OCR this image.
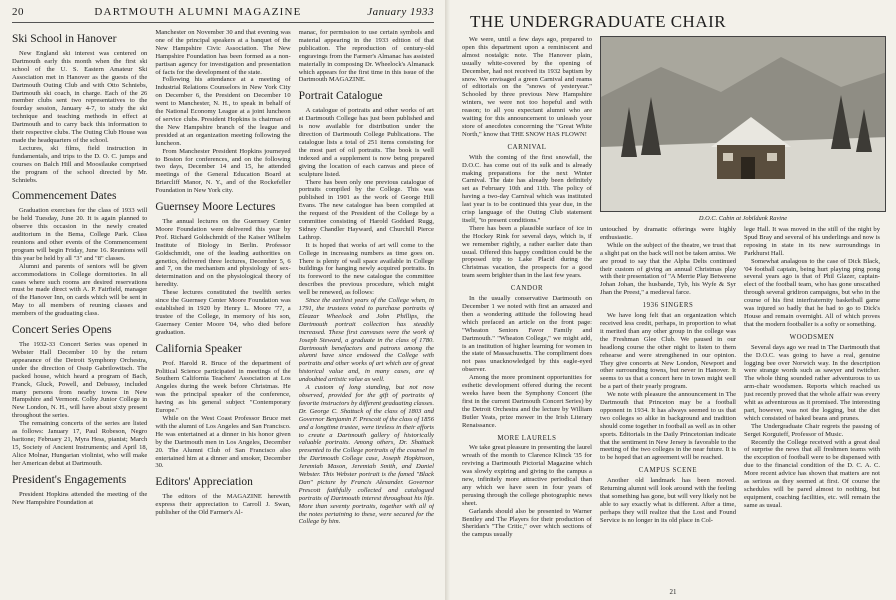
20	DARTMOUTH ALUMNI MAGAZINE	January 1933
Ski School in Hanover

New England ski interest was centered on Dartmouth early this month when the first ski school of the U. S. Eastern Amateur Ski Association met in Hanover as the guests of the Dartmouth Outing Club and with Otto Schniebs, Dartmouth ski coach, in charge. Each of the 26 member clubs sent two representatives to the fourday session, January 4-7, to study the ski technique and teaching methods in effect at Dartmouth and to carry back this information to their respective clubs. The Outing Club House was made the headquarters of the school.

Lectures, ski films, field instruction in fundamentals, and trips to the D. O. C. jumps and courses on Balch Hill and Moosilauke comprised the program of the school directed by Mr. Schniebs.

Commencement Dates

Graduation exercises for the class of 1933 will be held Tuesday, June 20. It is again planned to observe this occasion in the newly created auditorium in the Bema, College Park. Class reunions and other events of the Commencement program will begin Friday, June 16. Reunions will this year be held by all "3" and "8" classes.

Alumni and parents of seniors will be given accommodations in College dormitories. In all cases where such rooms are desired reservations must be made direct with A. P. Fairfield, manager of the Hanover Inn, on cards which will be sent in May to all members of reuning classes and members of the graduating class.

Concert Series Opens

The 1932-33 Concert Series was opened in Webster Hall December 10 by the return appearance of the Detroit Symphony Orchestra, under the direction of Ossip Gabrilowitsch. The packed house, which heard a program of Bach, Franck, Gluck, Powell, and Debussy, included many persons from nearby towns in New Hampshire and Vermont. Colby Junior College in New London, N. H., will have about sixty present throughout the series.

The remaining concerts of the series are listed as follows: January 17, Paul Robeson, Negro baritone; February 21, Myra Hess, pianist; March 15, Society of Ancient Instruments; and April 18, Alice Molnar, Hungarian violinist, who will make her American debut at Dartmouth.

President's Engagements

President Hopkins attended the meeting of the New Hampshire Foundation at

Manchester on November 30 and that evening was one of the principal speakers at a banquet of the New Hampshire Civic Association. The New Hampshire Foundation has been formed as a non-partisan agency for investigation and presentation of facts for the development of the state.

Following his attendance at a meeting of Industrial Relations Counselors in New York City on December 6, the President on December 10 went to Manchester, N. H., to speak in behalf of the National Economy League at a joint luncheon of service clubs. President Hopkins is chairman of the New Hampshire branch of the league and presided at an organization meeting following the luncheon.

From Manchester President Hopkins journeyed to Boston for conferences, and on the following two days, December 14 and 15, he attended meetings of the General Education Board at Briarcliff Manor, N. Y., and of the Rockefeller Foundation in New York city.

Guernsey Moore Lectures

The annual lectures on the Guernsey Center Moore Foundation were delivered this year by Prof. Richard Goldschmidt of the Kaiser Wilhelm Institute of Biology in Berlin. Professor Goldschmidt, one of the leading authorities on genetics, delivered three lectures, December 5, 6 and 7, on the mechanism and physiology of sex-determination and on the physiological theory of heredity.

These lectures constituted the twelfth series since the Guernsey Center Moore Foundation was established in 1920 by Henry L. Moore '77, a trustee of the College, in memory of his son, Guernsey Center Moore '04, who died before graduation.

California Speaker

Prof. Harold R. Bruce of the department of Political Science participated in meetings of the Southern California Teachers' Association at Los Angeles during the week before Christmas. He was the principal speaker of the conference, having as his general subject "Contemporary Europe."

While on the West Coast Professor Bruce met with the alumni of Los Angeles and San Francisco. He was entertained at a dinner in his honor given by the Dartmouth men in Los Angeles, December 20. The Alumni Club of San Francisco also entertained him at a dinner and smoker, December 30.

Editors' Appreciation

The editors of the MAGAZINE herewith express their appreciation to Carroll J. Swan, publisher of the Old Farmer's Al-

manac, for permission to use certain symbols and material appearing in the 1933 edition of that publication. The reproduction of century-old engravings from the Farmer's Almanac has assisted materially in composing Dr. Wheelock's Almanack which appears for the first time in this issue of the Dartmouth MAGAZINE.

Portrait Catalogue

A catalogue of portraits and other works of art at Dartmouth College has just been published and is now available for distribution under the direction of Dartmouth College Publications. The catalogue lists a total of 251 items consisting for the most part of oil portraits. The book is well indexed and a supplement is now being prepared giving the location of each canvas and piece of sculpture listed.

There has been only one previous catalogue of portraits compiled by the College. This was published in 1901 as the work of George Hill Evans. The new catalogue has been compiled at the request of the President of the College by a committee consisting of Harold Goddard Rugg, Sidney Chandler Hayward, and Churchill Pierce Lathrop.

It is hoped that works of art will come to the College in increasing numbers as time goes on. There is plenty of wall space available in College buildings for hanging newly acquired portraits. In its foreword to the new catalogue the committee describes the previous procedure, which might well be renewed, as follows:

Since the earliest years of the College when, in 1791, the trustees voted to purchase portraits of Eleazar Wheelock and John Phillips, the Dartmouth portrait collection has steadily increased. These first canvases were the work of Joseph Steward, a graduate in the class of 1780. Dartmouth benefactors and patrons among the alumni have since endowed the College with portraits and other works of art which are of great historical value and, in many cases, are of undoubted artistic value as well.

A custom of long standing, but not now observed, provided for the gift of portraits of favorite instructors by different graduating classes. Dr. George C. Shattuck of the class of 1803 and Governor Benjamin F. Prescott of the class of 1856 and a longtime trustee, were tireless in their efforts to create a Dartmouth gallery of historically valuable portraits. Among others, Dr. Shattuck presented to the College portraits of the counsel in the Dartmouth College case, Joseph Hopkinson, Jeremiah Mason, Jeremiah Smith, and Daniel Webster. This Webster portrait is the famed "Black Dan" picture by Francis Alexander. Governor Prescott faithfully collected and catalogued portraits of Dartmouth interest throughout his life. More than seventy portraits, together with all of the notes pertaining to these, were secured for the College by him.

THE UNDERGRADUATE CHAIR

We were, until a few days ago, prepared to open this department upon a reminiscent and almost nostalgic note. The Hanover plain, usually white-covered by the opening of December, had not received its 1932 baptism by snow. We envisaged a green Carnival and reams of editorials on the "snows of yesteryear." Schooled by three previous New Hampshire winters, we were not too hopeful and with reason; to all you expectant alumni who are waiting for this announcement to unleash your store of anecdotes concerning the "Great White North," know that THE SNOW HAS FLOWN!

CARNIVAL

With the coming of the first snowfall, the D.O.C. has come out of its sulk and is already making preparations for the next Winter Carnival. The date has already been definitely set as February 10th and 11th. The policy of having a two-day Carnival which was instituted last year is to be continued this year due, in the crisp language of the Outing Club statement itself, "to present conditions."

There has been a plausible surface of ice in the Hockey Rink for several days, which is, if we remember rightly, a rather earlier date than usual. Offered this happy condition could be the proposed trip to Lake Placid during the Christmas vacation, the prospects for a good team seem brighter than in the last few years.

CANDOR

In the usually conservative Dartmouth on December 1 we noted with first an amazed and then a wondering attitude the following head which prefaced an article on the front page: "Wheaton Seniors Favor Family and Dartmouth." "Wheaton College," we might add, is an institution of higher learning for women in the state of Massachusetts. The compliment does not pass unacknowledged by this eagle-eyed observer.

Among the more prominent opportunities for esthetic development offered during the recent weeks have been the Symphony Concert (the first in the current Dartmouth Concert Series) by the Detroit Orchestra and the lecture by William Butler Yeats, prize mower in the Irish Literary Renaissance.

MORE LAURELS

We take great pleasure in presenting the laurel wreath of the month to Clarence Klinck '35 for reviving a Dartmouth Pictorial Magazine which was slowly expiring and giving to the campus a new, infinitely more attractive periodical than any which we have seen in four years of perusing through the college photographic news sheet.

Garlands should also be presented to Warner Bentley and The Players for their production of Sheridan's "The Critic," over which sections of the campus usually

D.O.C. Cabin at Jobildunk Ravine

untouched by dramatic offerings were highly enthusiastic.

While on the subject of the theatre, we trust that a slight pat on the back will not be taken amiss. We are proud to say that the Alpha Delts continued their custom of giving an annual Christmas play with their presentation of "A Merrie Play Betweene Johan Johan, the husbande, Tyb, his Wyfe & Syr Jhan the Preest," a medieval farce.

1936 SINGERS

We have long felt that an organization which received less credit, perhaps, in proportion to what it merited than any other group in the college was the Freshman Glee Club. We paused in our headlong course the other night to listen to them rehearse and were strengthened in our opinion. They give concerts at New London, Newport and other surrounding towns, but never in Hanover. It seems to us that a concert here in town might well be a part of their yearly program.

We note with pleasure the announcement in The Dartmouth that Princeton may be a football opponent in 1934. It has always seemed to us that two colleges so alike in background and tradition should come together in football as well as in other sports. Editorials in the Daily Princetonian indicate that the sentiment in New Jersey is favorable to the meeting of the two colleges in the near future. It is to be hoped that an agreement will be reached.

CAMPUS SCENE

Another old landmark has been moved. Returning alumni will look around with the feeling that something has gone, but will very likely not be able to say exactly what is different. After a time, perhaps they will realize that the Lost and Found Service is no longer in its old place in Col-

lege Hall. It was moved in the still of the night by Spud Bray and several of his underlings and now is reposing in state in its new surroundings in Parkhurst Hall.

Somewhat analagous to the case of Dick Black, '04 football captain, being hurt playing ping pong several years ago is that of Phil Glazer, captain-elect of the football team, who has gone unscathed through several gridiron campaigns, but who in the course of his first interfraternity basketball game was injured so badly that he had to go to Dick's House and remain overnight. All of which proves that the modern footballer is a softy or something.

WOODSMEN

Several days ago we read in The Dartmouth that the D.O.C. was going to have a real, genuine logging bee over Norwich way. In the description were strange words such as sawyer and twitcher. The whole thing sounded rather adventurous to us arm-chair woodsmen. Reports which reached us just recently proved that the whole affair was every whit as adventurous as it promised. The interesting part, however, was not the logging, but the diet which consisted of baked beans and prunes.

The Undergraduate Chair regrets the passing of Sergei Korguieff, Professor of Music.

Recently the College received with a great deal of surprise the news that all freshmen teams with the exception of football were to be dispensed with due to the financial condition of the D. C. A. C. More recent advice has shown that matters are not as serious as they seemed at first. Of course the schedules will be pared almost to nothing, but equipment, coaching facilities, etc. will remain the same as usual.

21
